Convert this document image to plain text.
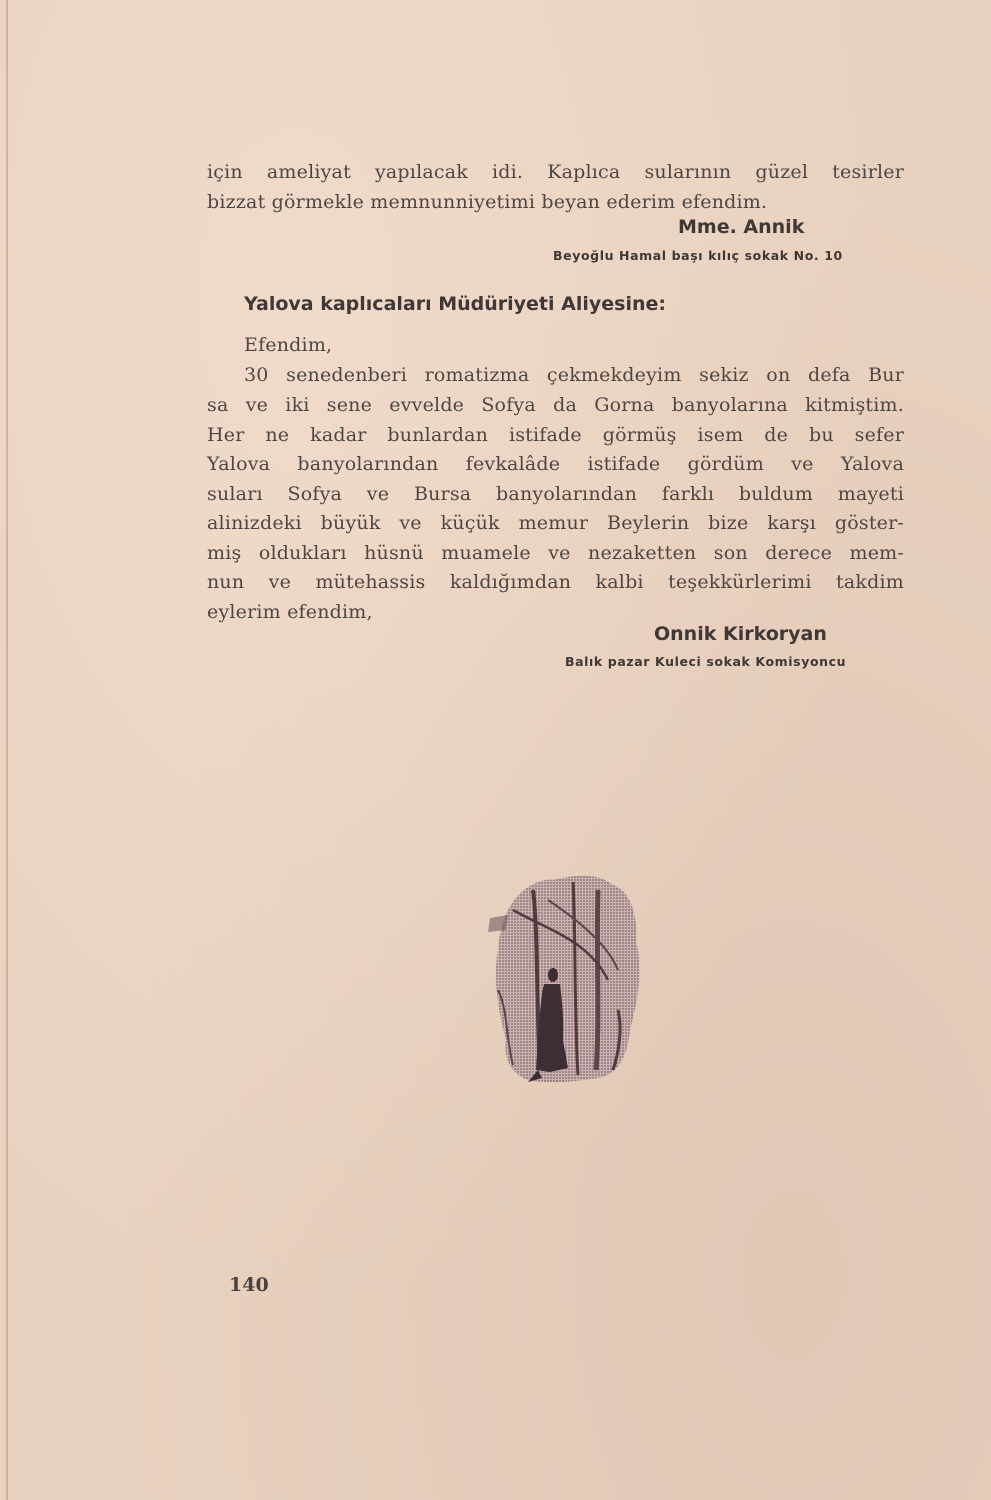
için ameliyat yapılacak idi. Kaplıca sularının güzel tesirler
bizzat görmekle memnunniyetimi beyan ederim efendim.
Mme. Annik
Beyoğlu Hamal başı kılıç sokak No. 10
Yalova kaplıcaları Müdüriyeti Aliyesine:
Efendim,
30 senedenberi romatizma çekmekdeyim sekiz on defa Bur
sa ve iki sene evvelde Sofya da Gorna banyolarına kitmiştim.
Her ne kadar bunlardan istifade görmüş isem de bu sefer
Yalova banyolarından fevkalâde istifade gördüm ve Yalova
suları Sofya ve Bursa banyolarından farklı buldum mayeti
alinizdeki büyük ve küçük memur Beylerin bize karşı göster-
miş oldukları hüsnü muamele ve nezaketten son derece mem-
nun ve mütehassis kaldığımdan kalbi teşekkürlerimi takdim
eylerim efendim,
Onnik Kirkoryan
Balık pazar Kuleci sokak Komisyoncu
140
